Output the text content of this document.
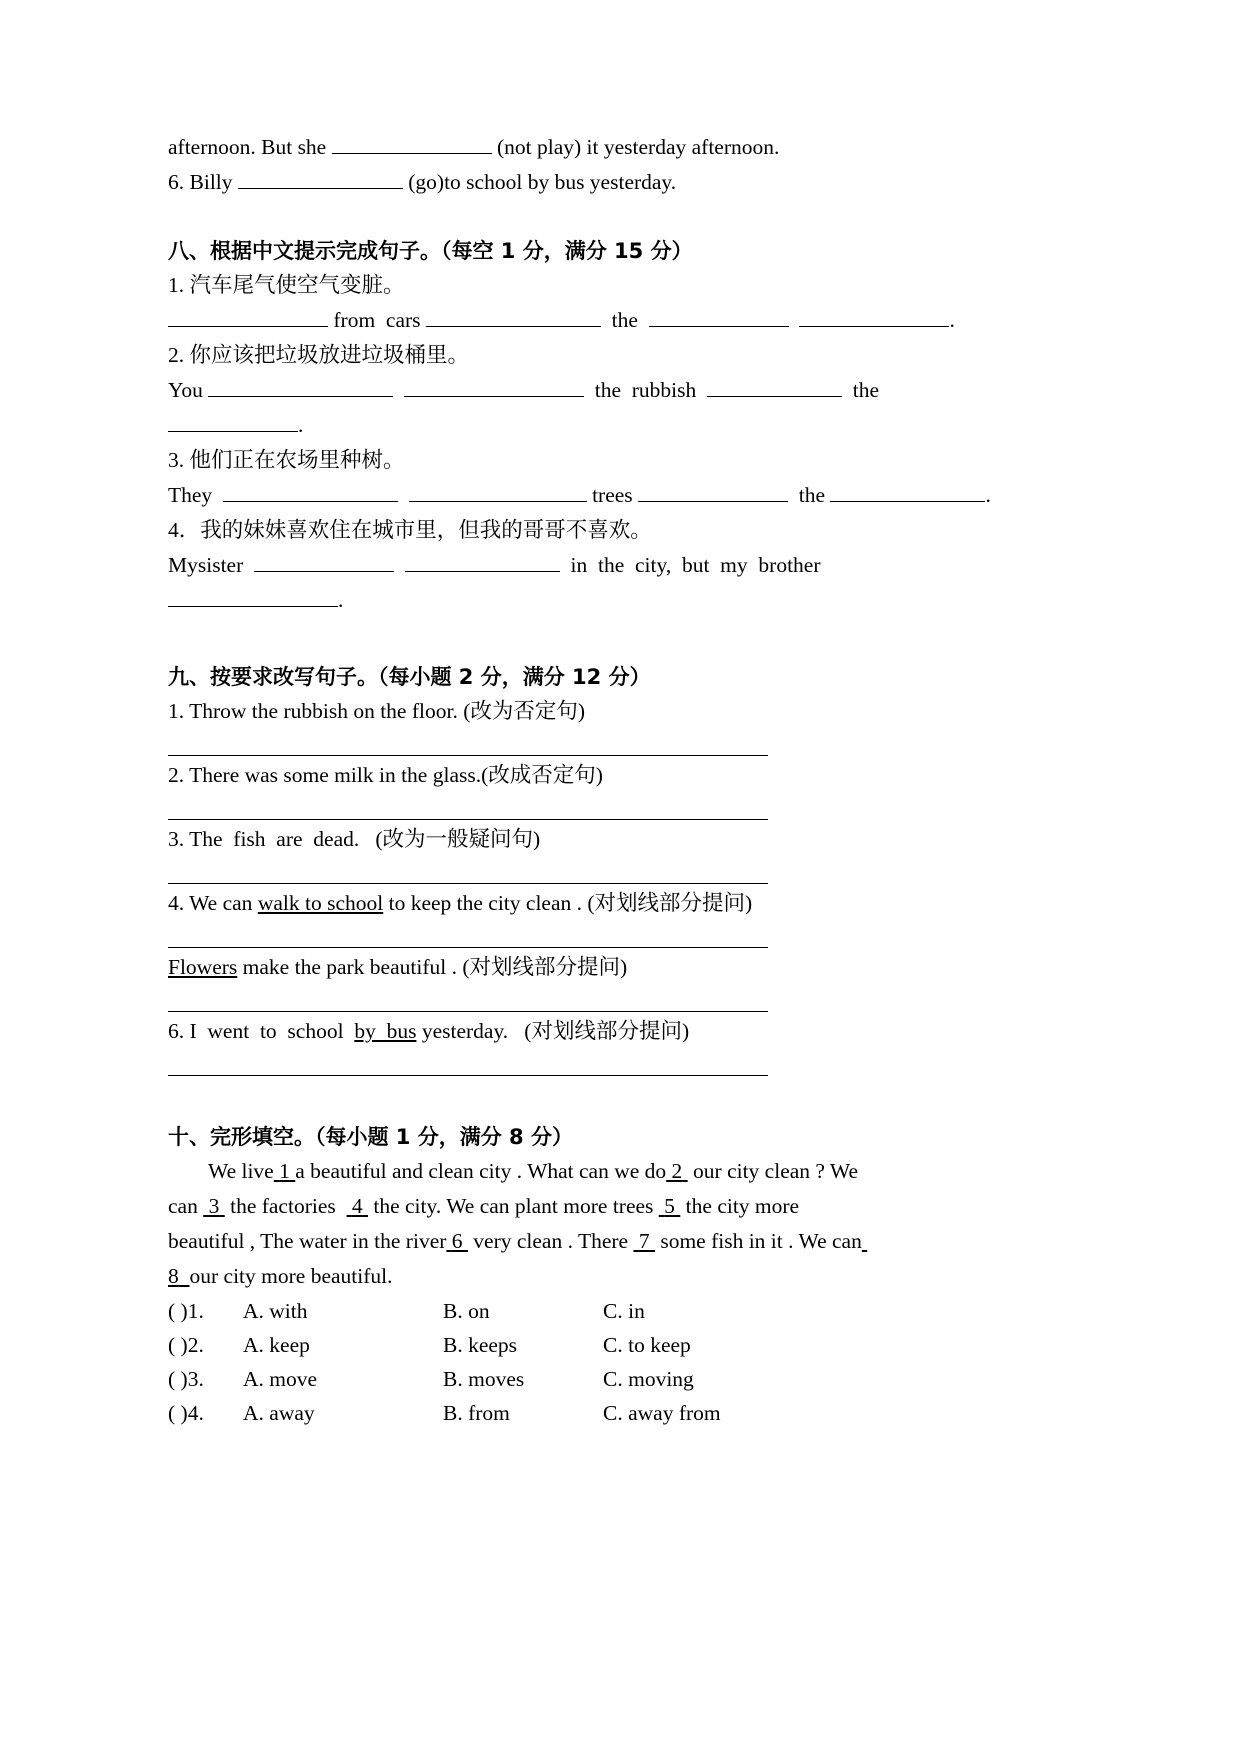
afternoon. But she	(not play) it yesterday afternoon.

6. Billy	(go)to school by bus yesterday.

八、根据中文提示完成句子。（每空 1 分，满分 15 分）

1. 汽车尾气使空气变脏。

from  cars	the	.

2. 你应该把垃圾放进垃圾桶里。

You	the  rubbish	the

.

3. 他们正在农场里种树。

They	trees	the	.

4．我的妹妹喜欢住在城市里，但我的哥哥不喜欢。

Mysister	in  the  city,  but  my  brother

.

九、按要求改写句子。（每小题 2 分，满分 12 分）

1. Throw the rubbish on the floor. (改为否定句)

2. There was some milk in the glass.(改成否定句)

3. The  fish  are  dead.   (改为一般疑问句)

4. We can walk to school to keep the city clean . (对划线部分提问)

Flowers make the park beautiful . (对划线部分提问)

6. I  went  to  school  by  bus yesterday.   (对划线部分提问)

十、完形填空。（每小题 1 分，满分 8 分）

We live 1 a beautiful and clean city . What can we do 2 our city clean ? We

can 3 the factories 4 the city. We can plant more trees 5 the city more

beautiful , The water in the river 6 very clean . There 7 some fish in it . We can

8 our city more beautiful.

( )1.	A. with	B. on	C. in
( )2.	A. keep	B. keeps	C. to keep
( )3.	A. move	B. moves	C. moving
( )4.	A. away	B. from	C. away from
